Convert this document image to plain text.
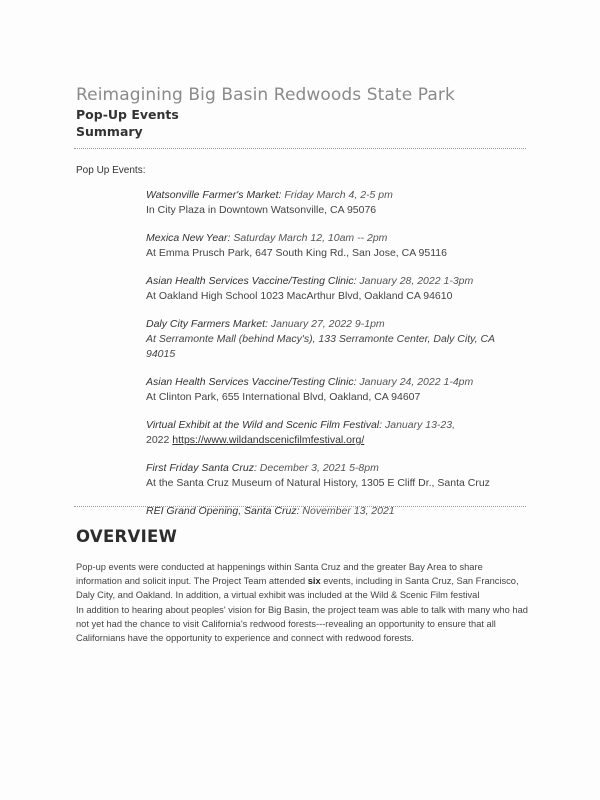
Reimagining Big Basin Redwoods State Park
Pop-Up Events
Summary
Pop Up Events:
Watsonville Farmer's Market: Friday March 4, 2-5 pm
In City Plaza in Downtown Watsonville, CA 95076
Mexica New Year: Saturday March 12, 10am -- 2pm
At Emma Prusch Park, 647 South King Rd., San Jose, CA 95116
Asian Health Services Vaccine/Testing Clinic: January 28, 2022 1-3pm
At Oakland High School 1023 MacArthur Blvd, Oakland CA 94610
Daly City Farmers Market: January 27, 2022 9-1pm
At Serramonte Mall (behind Macy's), 133 Serramonte Center, Daly City, CA 94015
Asian Health Services Vaccine/Testing Clinic: January 24, 2022 1-4pm
At Clinton Park, 655 International Blvd, Oakland, CA 94607
Virtual Exhibit at the Wild and Scenic Film Festival: January 13-23,
2022 https://www.wildandscenicfilmfestival.org/
First Friday Santa Cruz: December 3, 2021 5-8pm
At the Santa Cruz Museum of Natural History, 1305 E Cliff Dr., Santa Cruz
REI Grand Opening, Santa Cruz: November 13, 2021
OVERVIEW

Pop-up events were conducted at happenings within Santa Cruz and the greater Bay Area to share information and solicit input. The Project Team attended six events, including in Santa Cruz, San Francisco, Daly City, and Oakland. In addition, a virtual exhibit was included at the Wild & Scenic Film festival

In addition to hearing about peoples' vision for Big Basin, the project team was able to talk with many who had not yet had the chance to visit California's redwood forests---revealing an opportunity to ensure that all Californians have the opportunity to experience and connect with redwood forests.
